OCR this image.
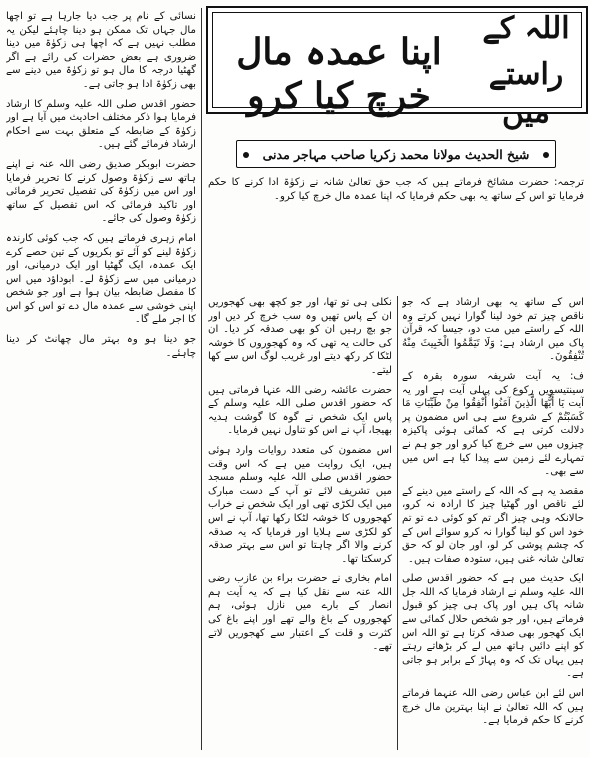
نسائی کے نام پر جب دیا جارہا ہے تو اچھا مال جہاں تک ممکن ہو دینا چاہئے لیکن یہ مطلب نہیں ہے کہ اچھا ہی زکوٰۃ میں دینا ضروری ہے بعض حضرات کی رائے ہے اگر گھٹیا درجہ کا مال ہو تو زکوٰۃ میں دینے سے بھی زکوٰۃ ادا ہو جاتی ہے۔

حضور اقدس صلی اللہ علیہ وسلم کا ارشاد فرمایا ہوا ذکر مختلف احادیث میں آیا ہے اور زکوٰۃ کے ضابطہ کے متعلق بہت سے احکام ارشاد فرمائے گئے ہیں۔

حضرت ابوبکر صدیق رضی اللہ عنہ نے اپنے ہاتھ سے زکوٰۃ وصول کرنے کا تحریر فرمایا اور اس میں زکوٰۃ کی تفصیل تحریر فرمائی اور تاکید فرمائی کہ اس تفصیل کے ساتھ زکوٰۃ وصول کی جائے۔

امام زہری فرماتے ہیں کہ جب کوئی کارندہ زکوٰۃ لینے کو آئے تو بکریوں کے تین حصے کرے ایک عمدہ، ایک گھٹیا اور ایک درمیانی، اور درمیانی میں سے زکوٰۃ لے۔ ابوداؤد میں اس کا مفصل ضابطہ بیان ہوا ہے اور جو شخص اپنی خوشی سے عمدہ مال دے تو اس کو اس کا اجر ملے گا۔

جو دینا ہو وہ بہتر مال چھانٹ کر دینا چاہئے۔

اللہ کے
راستے میں
اپنا عمدہ مال خرچ کیا کرو
شیخ الحدیث مولانا محمد زکریا صاحب مہاجر مدنی

ترجمہ: حضرت مشائخ فرماتے ہیں کہ جب حق تعالیٰ شانہ نے زکوٰۃ ادا کرنے کا حکم فرمایا تو اس کے ساتھ یہ بھی حکم فرمایا کہ اپنا عمدہ مال خرچ کیا کرو۔

نکلی ہی تو تھا، اور جو کچھ بھی کھجوریں ان کے پاس تھیں وہ سب خرچ کر دیں اور جو بچ رہیں ان کو بھی صدقہ کر دیا۔ ان کی حالت یہ تھی کہ وہ کھجوروں کا خوشہ لٹکا کر رکھ دیتے اور غریب لوگ اس سے کھا لیتے۔

حضرت عائشہ رضی اللہ عنہا فرماتی ہیں کہ حضور اقدس صلی اللہ علیہ وسلم کے پاس ایک شخص نے گوہ کا گوشت ہدیہ بھیجا، آپ نے اس کو تناول نہیں فرمایا۔

اس مضمون کی متعدد روایات وارد ہوئی ہیں، ایک روایت میں ہے کہ اس وقت حضور اقدس صلی اللہ علیہ وسلم مسجد میں تشریف لائے تو آپ کے دست مبارک میں ایک لکڑی تھی اور ایک شخص نے خراب کھجوروں کا خوشہ لٹکا رکھا تھا، آپ نے اس کو لکڑی سے ہلایا اور فرمایا کہ یہ صدقہ کرنے والا اگر چاہتا تو اس سے بہتر صدقہ کرسکتا تھا۔

امام بخاری نے حضرت براء بن عازب رضی اللہ عنہ سے نقل کیا ہے کہ یہ آیت ہم انصار کے بارے میں نازل ہوئی، ہم کھجوروں کے باغ والے تھے اور اپنے باغ کی کثرت و قلت کے اعتبار سے کھجوریں لاتے تھے۔

اس کے ساتھ یہ بھی ارشاد ہے کہ جو ناقص چیز تم خود لینا گوارا نہیں کرتے وہ اللہ کے راستے میں مت دو، جیسا کہ قرآن پاک میں ارشاد ہے: وَلَا تَيَمَّمُوا الْخَبِيثَ مِنْهُ تُنْفِقُونَ۔

ف: یہ آیت شریفہ سورہ بقرہ کے سینتیسویں رکوع کی پہلی آیت ہے اور یہ آیت يَا أَيُّهَا الَّذِينَ آمَنُوا أَنْفِقُوا مِنْ طَيِّبَاتِ مَا كَسَبْتُمْ کے شروع سے ہی اس مضمون پر دلالت کرتی ہے کہ کمائی ہوئی پاکیزہ چیزوں میں سے خرچ کیا کرو اور جو ہم نے تمہارے لئے زمین سے پیدا کیا ہے اس میں سے بھی۔

مقصد یہ ہے کہ اللہ کے راستے میں دینے کے لئے ناقص اور گھٹیا چیز کا ارادہ نہ کرو، حالانکہ وہی چیز اگر تم کو کوئی دے تو تم خود اس کو لینا گوارا نہ کرو سوائے اس کے کہ چشم پوشی کر لو، اور جان لو کہ حق تعالیٰ شانہ غنی ہیں، ستودہ صفات ہیں۔

ایک حدیث میں ہے کہ حضور اقدس صلی اللہ علیہ وسلم نے ارشاد فرمایا کہ اللہ جل شانہ پاک ہیں اور پاک ہی چیز کو قبول فرماتے ہیں، اور جو شخص حلال کمائی سے ایک کھجور بھی صدقہ کرتا ہے تو اللہ اس کو اپنے دائیں ہاتھ میں لے کر بڑھاتے رہتے ہیں یہاں تک کہ وہ پہاڑ کے برابر ہو جاتی ہے۔

اس لئے ابن عباس رضی اللہ عنہما فرماتے ہیں کہ اللہ تعالیٰ نے اپنا بہترین مال خرچ کرنے کا حکم فرمایا ہے۔
